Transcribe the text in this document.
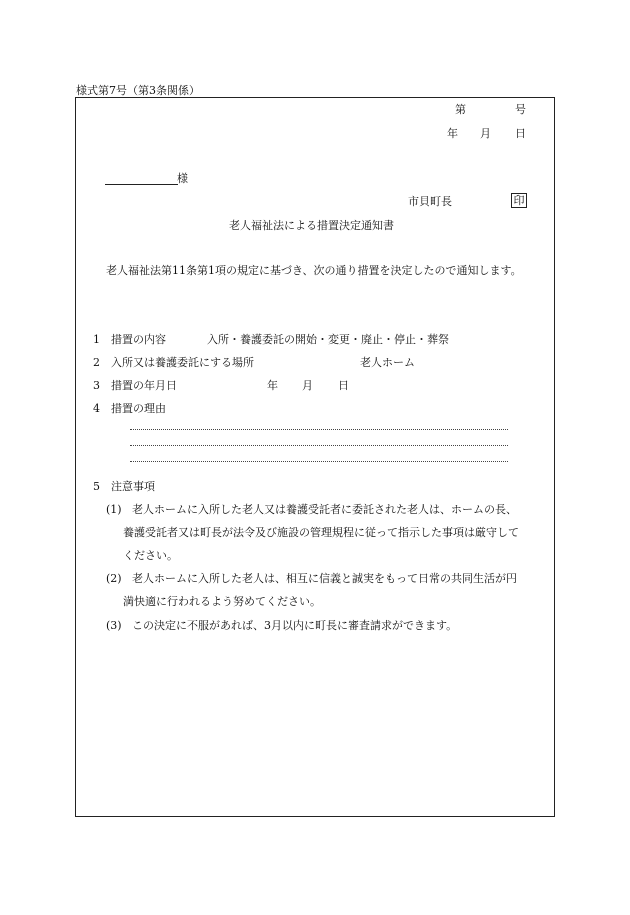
様式第7号（第3条関係）
第	号
年 月 日
様
市貝町長	印
老人福祉法による措置決定通知書
老人福祉法第11条第1項の規定に基づき、次の通り措置を決定したので通知します。
1 措置の内容	入所・養護委託の開始・変更・廃止・停止・葬祭
2 入所又は養護委託にする場所	老人ホーム
3 措置の年月日	年 月 日
4 措置の理由
5 注意事項
(1) 老人ホームに入所した老人又は養護受託者に委託された老人は、ホームの長、
養護受託者又は町長が法令及び施設の管理規程に従って指示した事項は厳守して
ください。
(2) 老人ホームに入所した老人は、相互に信義と誠実をもって日常の共同生活が円
満快適に行われるよう努めてください。
(3) この決定に不服があれば、3月以内に町長に審査請求ができます。
